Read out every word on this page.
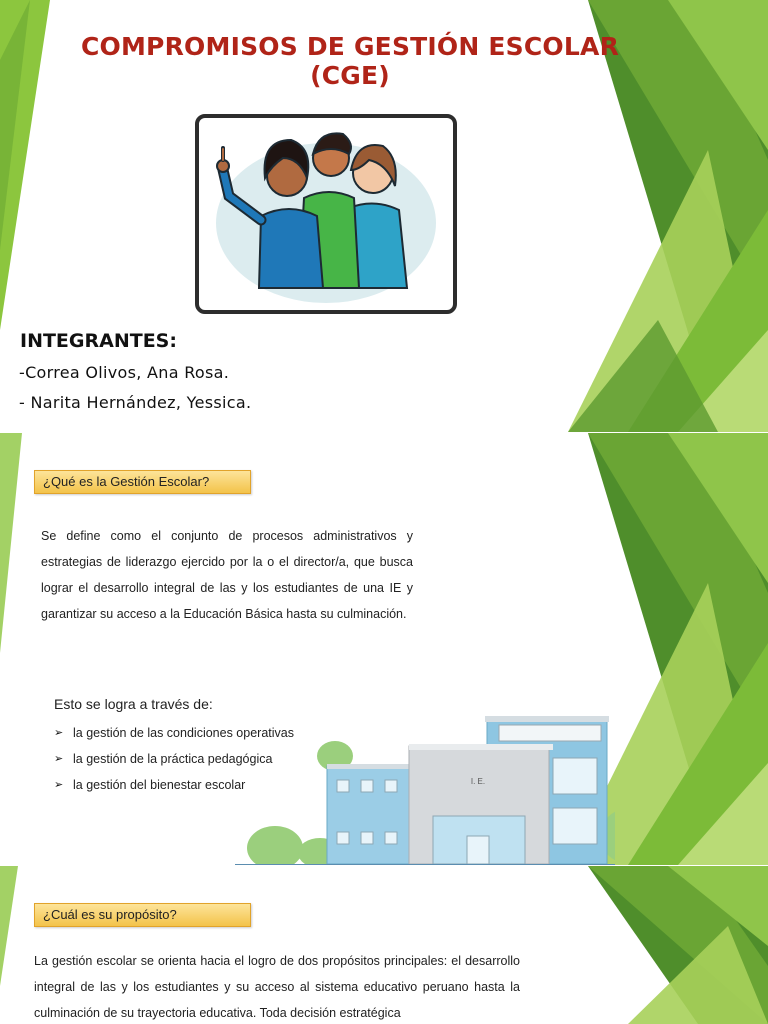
COMPROMISOS DE GESTIÓN ESCOLAR
(CGE)
INTEGRANTES:
-Correa Olivos, Ana Rosa.
- Narita Hernández, Yessica.
¿Qué es la Gestión Escolar?
Se define como el conjunto de procesos administrativos y estrategias de liderazgo ejercido por la o el director/a, que busca lograr el desarrollo integral de las y los estudiantes de una IE y garantizar su acceso a la Educación Básica hasta su culminación.
Esto se logra a través de:
➢ la gestión de las condiciones operativas
➢ la gestión de la práctica pedagógica
➢ la gestión del bienestar escolar	I. E.
¿Cuál es su propósito?
La gestión escolar se orienta hacia el logro de dos propósitos principales: el desarrollo integral de las y los estudiantes y su acceso al sistema educativo peruano hasta la culminación de su trayectoria educativa. Toda decisión estratégica
